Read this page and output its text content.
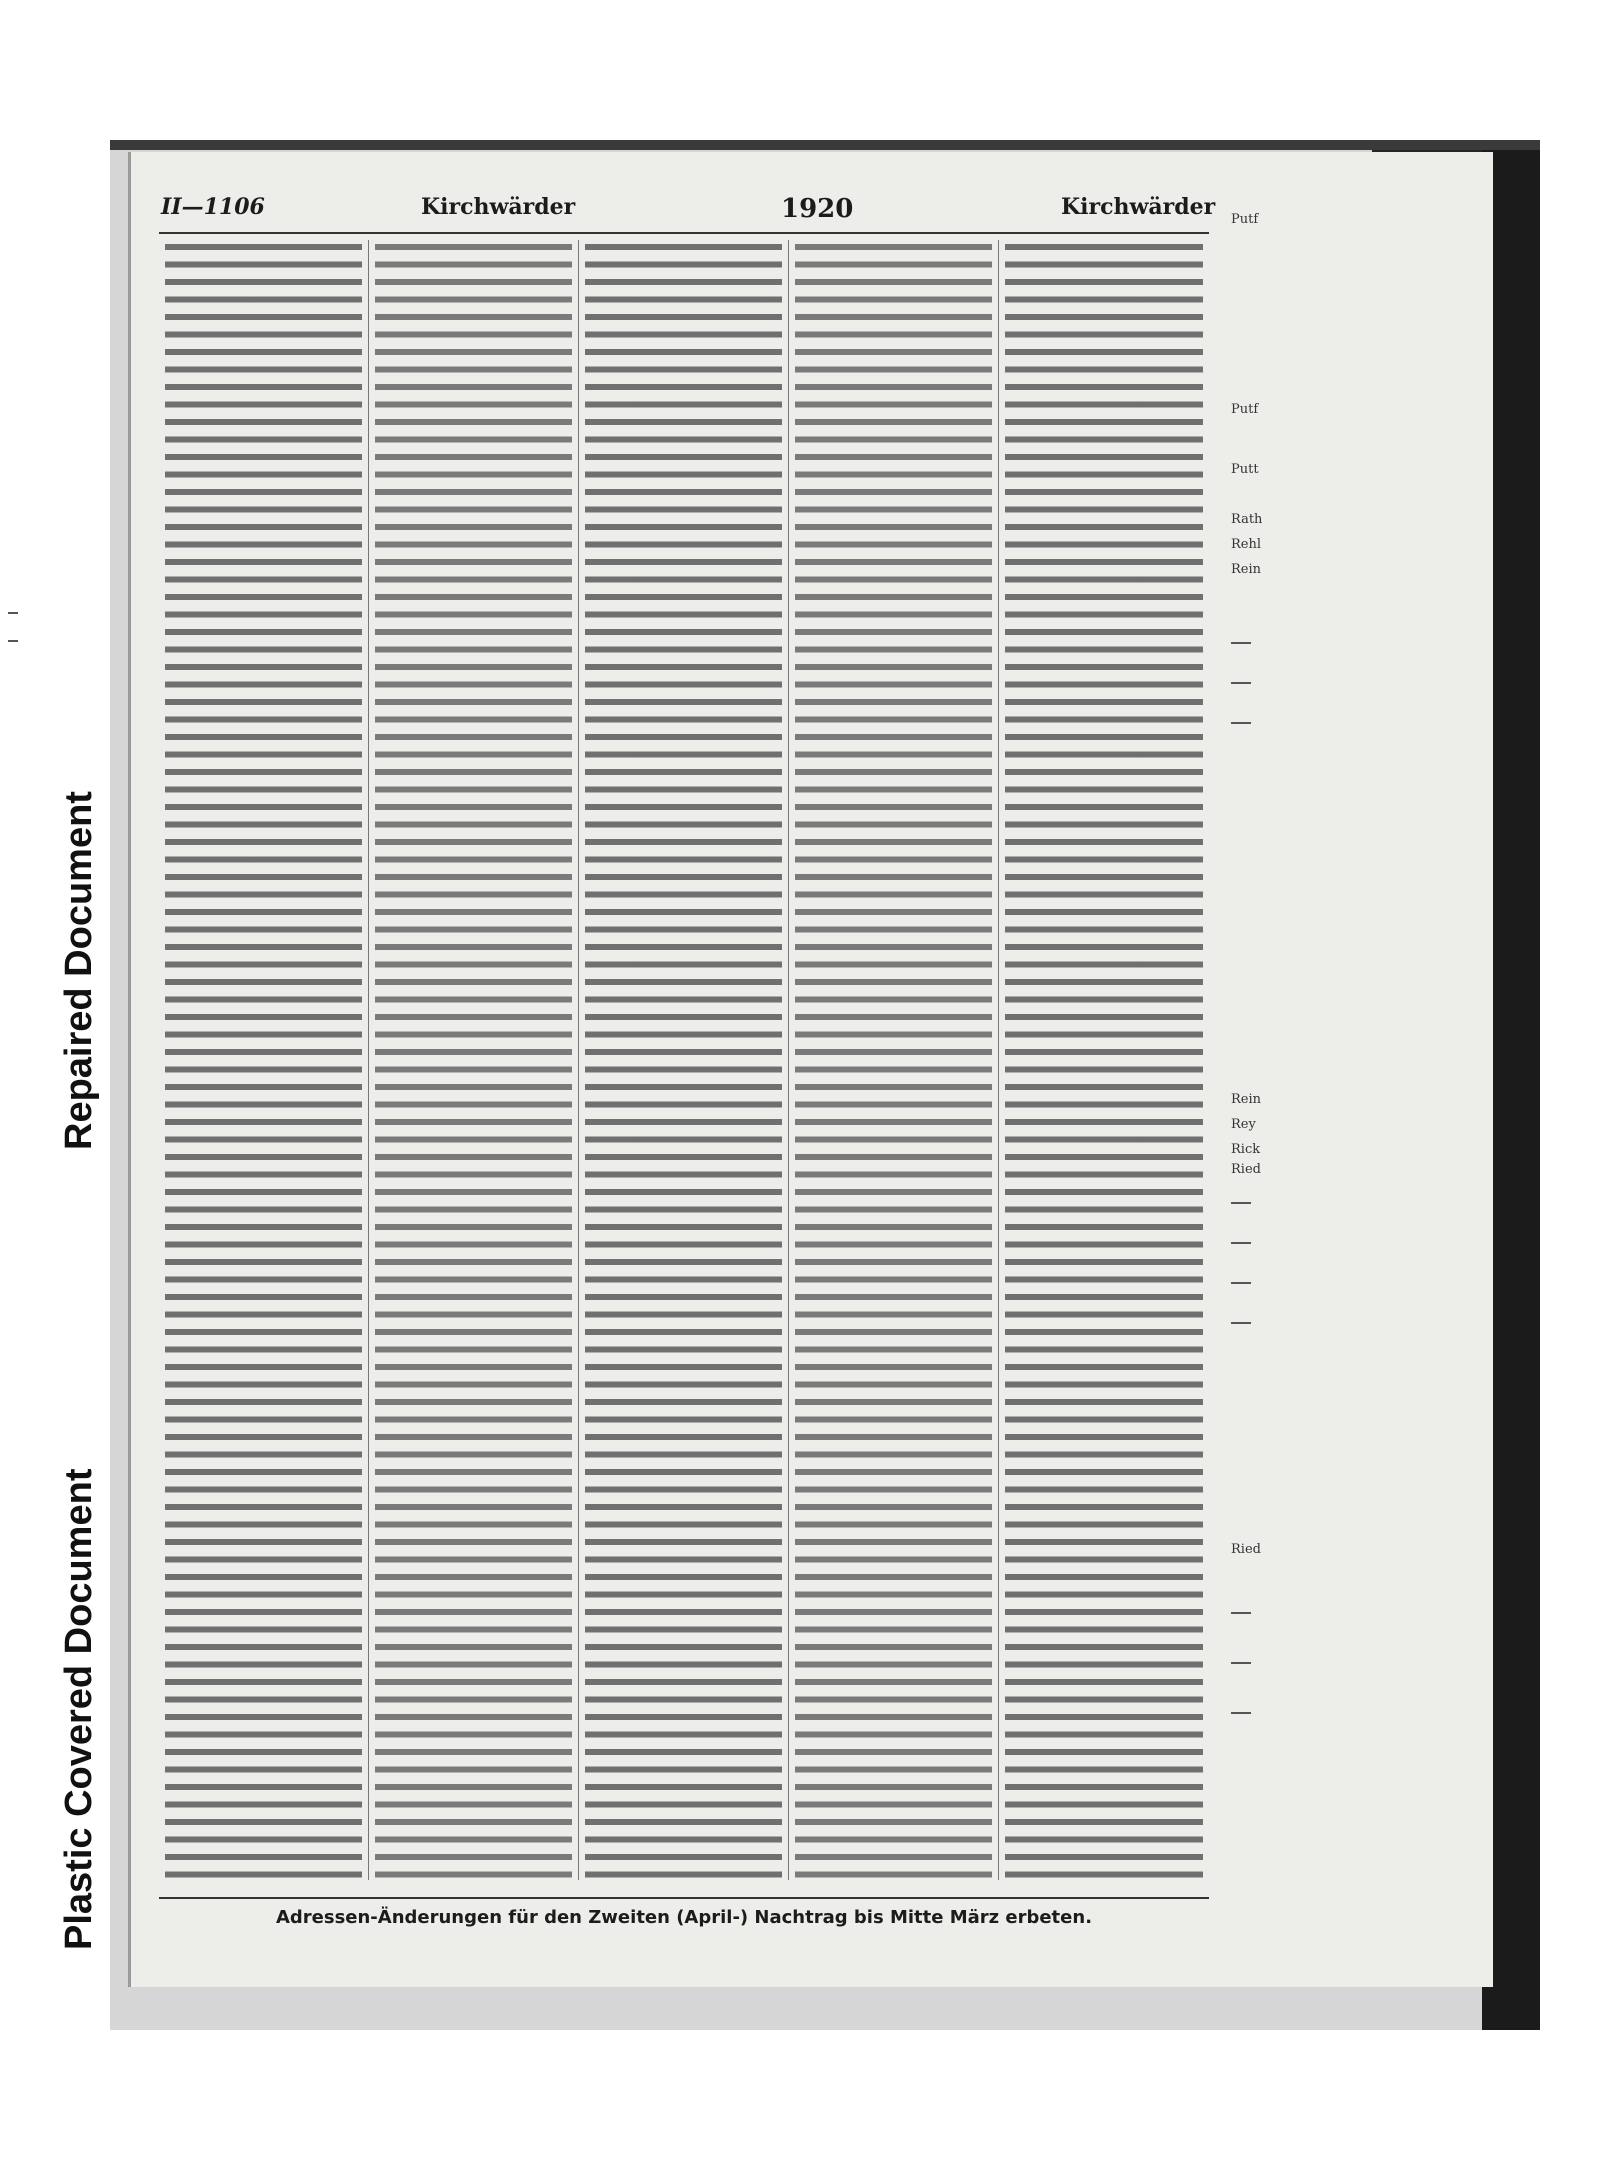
Repaired Document
Plastic Covered Document
II—1106	Kirchwärder	1920	Kirchwärder
Adressen-Änderungen für den Zweiten (April-) Nachtrag bis Mitte März erbeten.
Putf
Putf
Putt
Rath
Rehl
Rein
Rein
Rey
Rick
Ried
Ried
